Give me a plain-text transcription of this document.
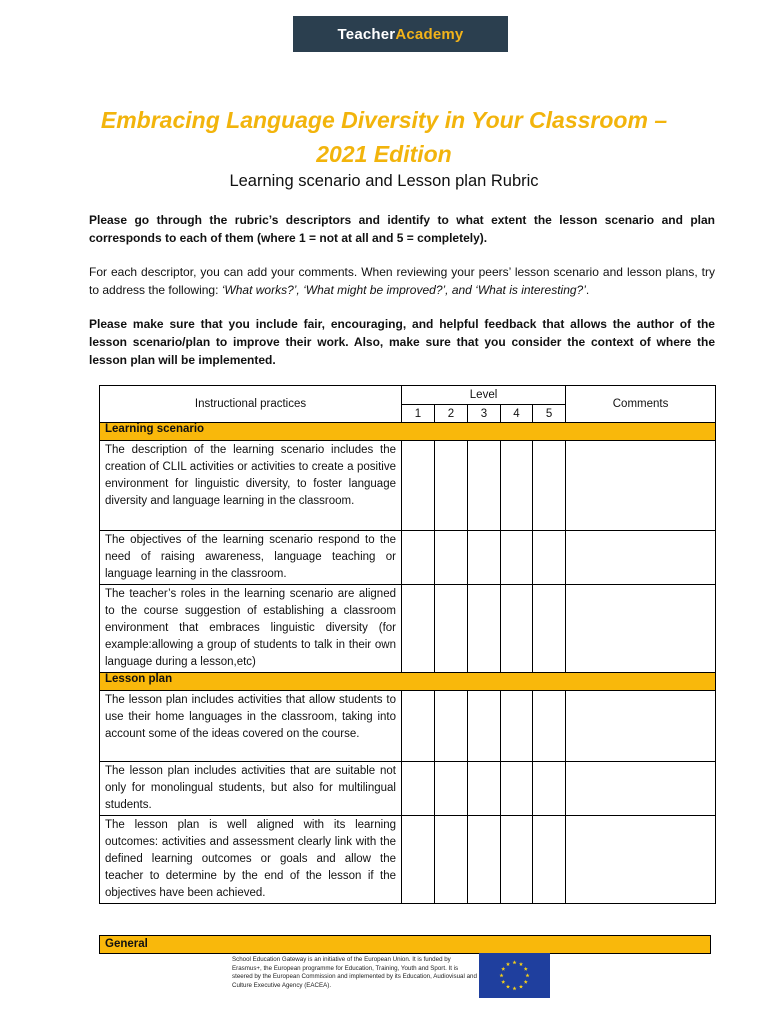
Teacher Academy
Embracing Language Diversity in Your Classroom –
2021 Edition
Learning scenario and Lesson plan Rubric
Please go through the rubric’s descriptors and identify to what extent the lesson scenario and plan corresponds to each of them (where 1 = not at all and 5 = completely).
For each descriptor, you can add your comments. When reviewing your peers’ lesson scenario and lesson plans, try to address the following: ‘What works?’, ‘What might be improved?’, and ‘What is interesting?’.
Please make sure that you include fair, encouraging, and helpful feedback that allows the author of the lesson scenario/plan to improve their work. Also, make sure that you consider the context of where the lesson plan will be implemented.
Instructional practices	Level					Comments
	1	2	3	4	5	
Learning scenario						
The description of the learning scenario includes the creation of CLIL activities or activities to create a positive environment for linguistic diversity, to foster language diversity and language learning in the classroom.						
The objectives of the learning scenario respond to the need of raising awareness, language teaching or language learning in the classroom.						
The teacher’s roles in the learning scenario are aligned to the course suggestion of establishing a classroom environment that embraces linguistic diversity (for example:allowing a group of students to talk in their own language during a lesson,etc)						
Lesson plan						
The lesson plan includes activities that allow students to use their home languages in the classroom, taking into account some of the ideas covered on the course.						
The lesson plan includes activities that are suitable not only for monolingual students, but also for multilingual students.						
The lesson plan is well aligned with its learning outcomes: activities and assessment clearly link with the defined learning outcomes or goals and allow the teacher to determine by the end of the lesson if the objectives have been achieved.						
General
School Education Gateway is an initiative of the European Union. It is funded by Erasmus+, the European programme for Education, Training, Youth and Sport. It is steered by the European Commission and implemented by its Education, Audiovisual and Culture Executive Agency (EACEA).
